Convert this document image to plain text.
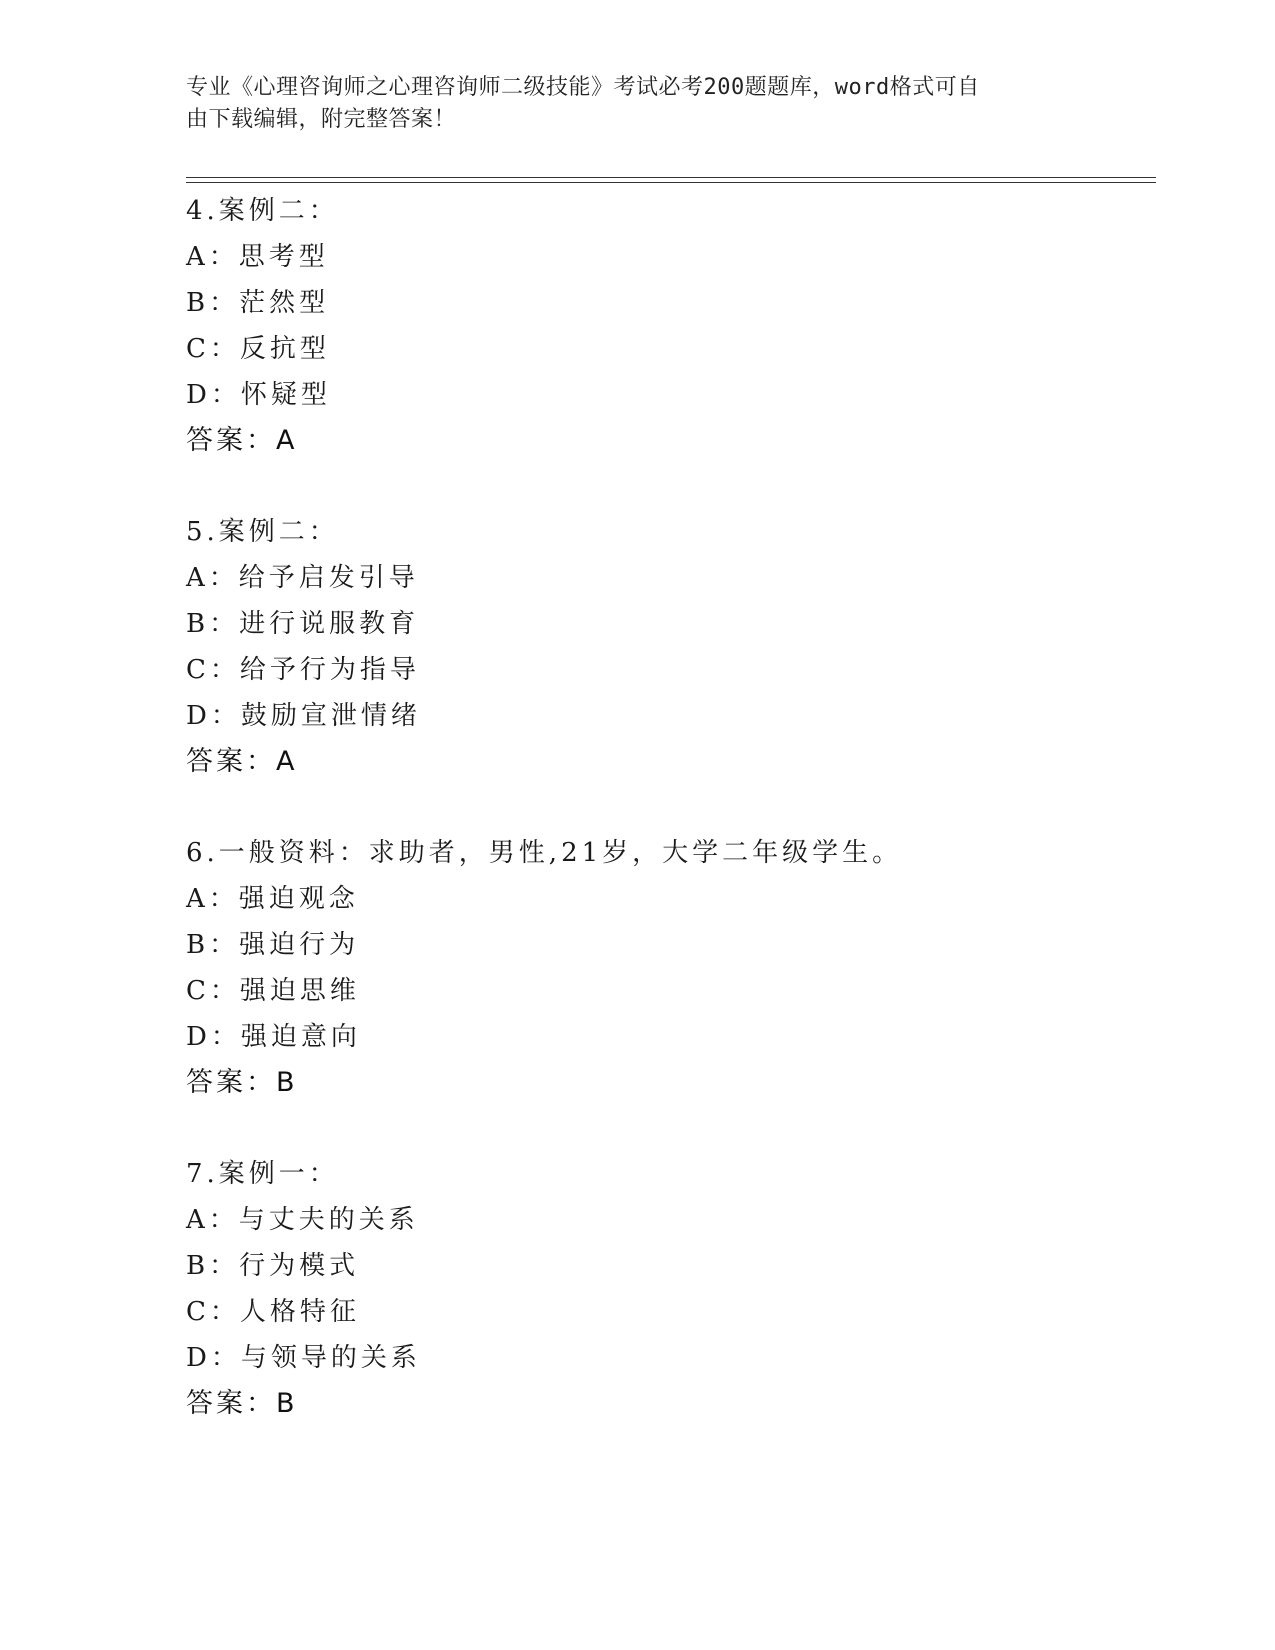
专业《心理咨询师之心理咨询师二级技能》考试必考200题题库，word格式可自
由下载编辑，附完整答案！
4.案例二：
A：思考型
B：茫然型
C：反抗型
D：怀疑型
答案：A
5.案例二：
A：给予启发引导
B：进行说服教育
C：给予行为指导
D：鼓励宣泄情绪
答案：A
6.一般资料：求助者，男性,21岁，大学二年级学生。
A：强迫观念
B：强迫行为
C：强迫思维
D：强迫意向
答案：B
7.案例一：
A：与丈夫的关系
B：行为模式
C：人格特征
D：与领导的关系
答案：B
